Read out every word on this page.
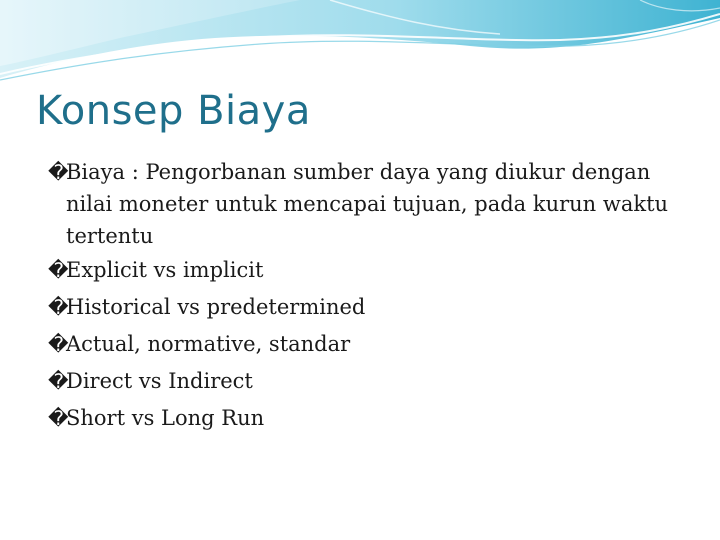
Konsep Biaya
�
Biaya : Pengorbanan sumber daya yang diukur dengan nilai moneter untuk mencapai tujuan, pada kurun waktu tertentu
�
Explicit vs implicit
�
Historical vs predetermined
�
Actual, normative, standar
�
Direct vs Indirect
�
Short vs Long Run
